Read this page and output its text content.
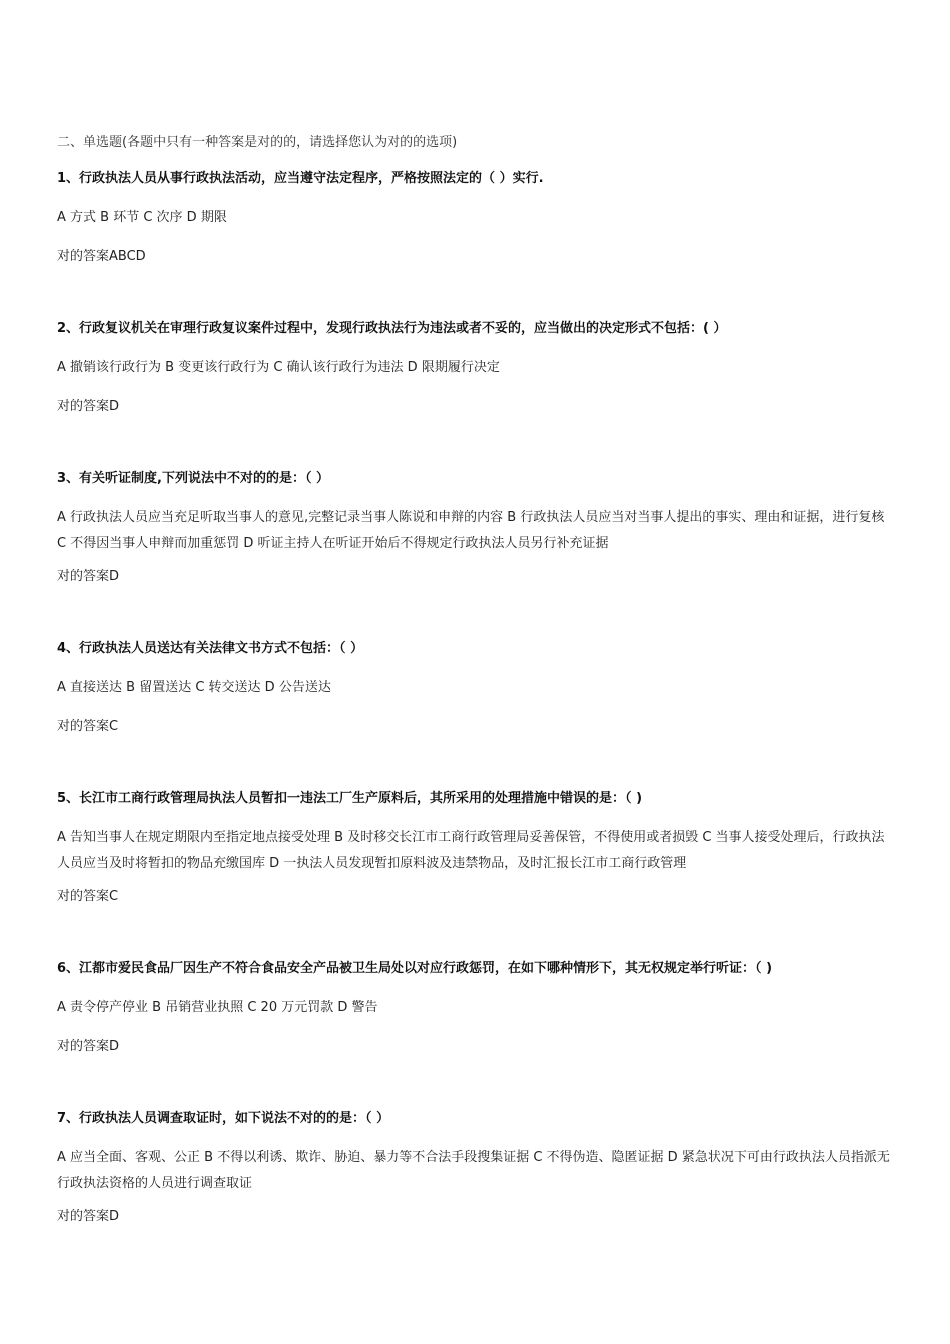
二、单选题(各题中只有一种答案是对的的，请选择您认为对的的选项)

1、行政执法人员从事行政执法活动，应当遵守法定程序，严格按照法定的（ ）实行.

A 方式 B 环节 C 次序 D 期限

对的答案ABCD

2、行政复议机关在审理行政复议案件过程中，发现行政执法行为违法或者不妥的，应当做出的决定形式不包括：( ）

A 撤销该行政行为 B 变更该行政行为 C 确认该行政行为违法 D 限期履行决定

对的答案D

3、有关听证制度,下列说法中不对的的是：（ ）

A 行政执法人员应当充足听取当事人的意见,完整记录当事人陈说和申辩的内容 B 行政执法人员应当对当事人提出的事实、理由和证据，进行复核 C 不得因当事人申辩而加重惩罚 D 听证主持人在听证开始后不得规定行政执法人员另行补充证据

对的答案D

4、行政执法人员送达有关法律文书方式不包括：（ ）

A 直接送达 B 留置送达 C 转交送达 D 公告送达

对的答案C

5、长江市工商行政管理局执法人员暂扣一违法工厂生产原料后，其所采用的处理措施中错误的是：（ )

A 告知当事人在规定期限内至指定地点接受处理 B 及时移交长江市工商行政管理局妥善保管，不得使用或者损毁 C 当事人接受处理后，行政执法人员应当及时将暂扣的物品充缴国库 D 一执法人员发现暂扣原料波及违禁物品，及时汇报长江市工商行政管理

对的答案C

6、江都市爱民食品厂因生产不符合食品安全产品被卫生局处以对应行政惩罚，在如下哪种情形下，其无权规定举行听证：（ )

A 责令停产停业 B 吊销营业执照 C 20 万元罚款 D 警告

对的答案D

7、行政执法人员调查取证时，如下说法不对的的是：（ ）

A 应当全面、客观、公正 B 不得以利诱、欺诈、胁迫、暴力等不合法手段搜集证据 C 不得伪造、隐匿证据 D 紧急状况下可由行政执法人员指派无行政执法资格的人员进行调查取证

对的答案D
